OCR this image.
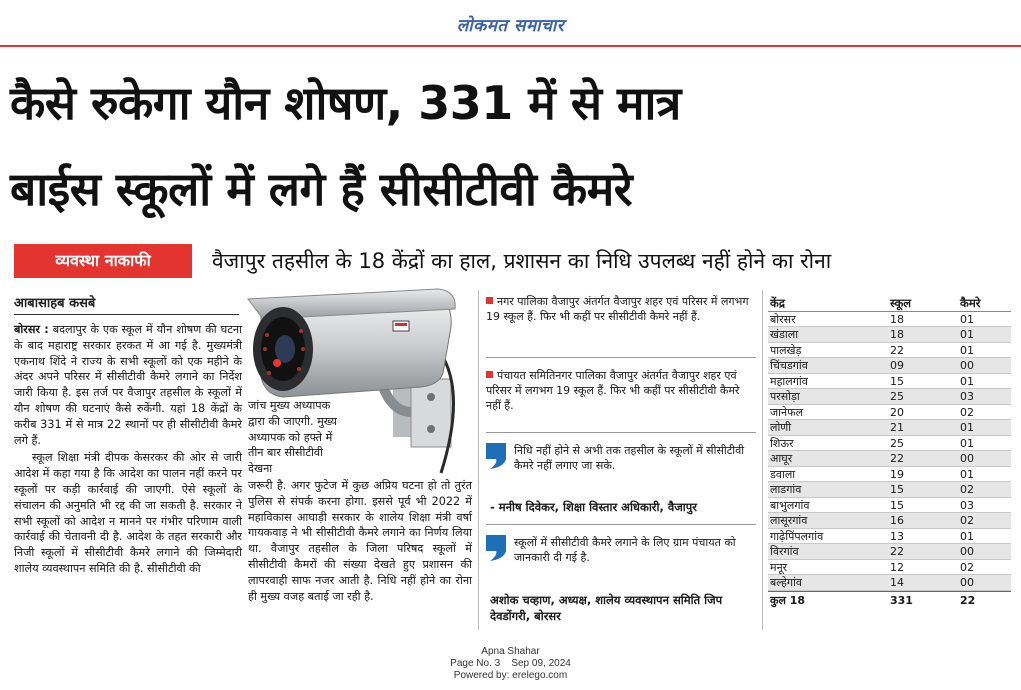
लोकमत समाचार
कैसे रुकेगा यौन शोषण, 331 में से मात्र
बाईस स्कूलों में लगे हैं सीसीटीवी कैमरे
व्यवस्था नाकाफी	वैजापुर तहसील के 18 केंद्रों का हाल, प्रशासन का निधि उपलब्ध नहीं होने का रोना
आबासाहब कसबे

बोरसर : बदलापुर के एक स्कूल में यौन शोषण की घटना के बाद महाराष्ट्र सरकार हरकत में आ गई है. मुख्यमंत्री एकनाथ शिंदे ने राज्य के सभी स्कूलों को एक महीने के अंदर अपने परिसर में सीसीटीवी कैमरे लगाने का निर्देश जारी किया है. इस तर्ज पर वैजापुर तहसील के स्कूलों में यौन शोषण की घटनाएं कैसे रुकेंगी. यहां 18 केंद्रों के करीब 331 में से मात्र 22 स्थानों पर ही सीसीटीवी कैमरे लगे हैं.

स्कूल शिक्षा मंत्री दीपक केसरकर की ओर से जारी आदेश में कहा गया है कि आदेश का पालन नहीं करने पर स्कूलों पर कड़ी कार्रवाई की जाएगी. ऐसे स्कूलों के संचालन की अनुमति भी रद्द की जा सकती है. सरकार ने सभी स्कूलों को आदेश न मानने पर गंभीर परिणाम वाली कार्रवाई की चेतावनी दी है. आदेश के तहत सरकारी और निजी स्कूलों में सीसीटीवी कैमरे लगाने की जिम्मेदारी शालेय व्यवस्थापन समिति की है. सीसीटीवी की

जांच मुख्य अध्यापक द्वारा की जाएगी. मुख्य अध्यापक को हफ्ते में तीन बार सीसीटीवी देखना
जरूरी है. अगर फुटेज में कुछ अप्रिय घटना हो तो तुरंत पुलिस से संपर्क करना होगा. इससे पूर्व भी 2022 में महाविकास आघाड़ी सरकार के शालेय शिक्षा मंत्री वर्षा गायकवाड़ ने भी सीसीटीवी कैमरे लगाने का निर्णय लिया था. वैजापुर तहसील के जिला परिषद स्कूलों में सीसीटीवी कैमरों की संख्या देखते हुए प्रशासन की लापरवाही साफ नजर आती है. निधि नहीं होने का रोना ही मुख्य वजह बताई जा रही है.
नगर पालिका वैजापुर अंतर्गत वैजापुर शहर एवं परिसर में लगभग 19 स्कूल हैं. फिर भी कहीं पर सीसीटीवी कैमरे नहीं हैं.
पंचायत समितिनगर पालिका वैजापुर अंतर्गत वैजापुर शहर एवं परिसर में लगभग 19 स्कूल हैं. फिर भी कहीं पर सीसीटीवी कैमरे नहीं हैं.
निधि नहीं होने से अभी तक तहसील के स्कूलों में सीसीटीवी कैमरे नहीं लगाए जा सके.
- मनीष दिवेकर, शिक्षा विस्तार अधिकारी, वैजापुर
स्कूलों में सीसीटीवी कैमरे लगाने के लिए ग्राम पंचायत को जानकारी दी गई है.
अशोक चव्हाण, अध्यक्ष, शालेय व्यवस्थापन समिति जिप देवडोंगरी, बोरसर
केंद्र	स्कूल	कैमरे
बोरसर	18	01
खंडाला	18	01
पालखेड़	22	01
चिंचडगांव	09	00
महालगांव	15	01
परसोड़ा	25	03
जानेफल	20	02
लोणी	21	01
शिऊर	25	01
आघूर	22	00
डवाला	19	01
लाडगांव	15	02
बाभुलगांव	15	03
लासूरगांव	16	02
गाढ़ेपिंपलगांव	13	01
विरगांव	22	00
मनूर	12	02
बल्हेगांव	14	00
कुल 18	331	22
Apna Shahar
Page No. 3    Sep 09, 2024
Powered by: erelego.com
